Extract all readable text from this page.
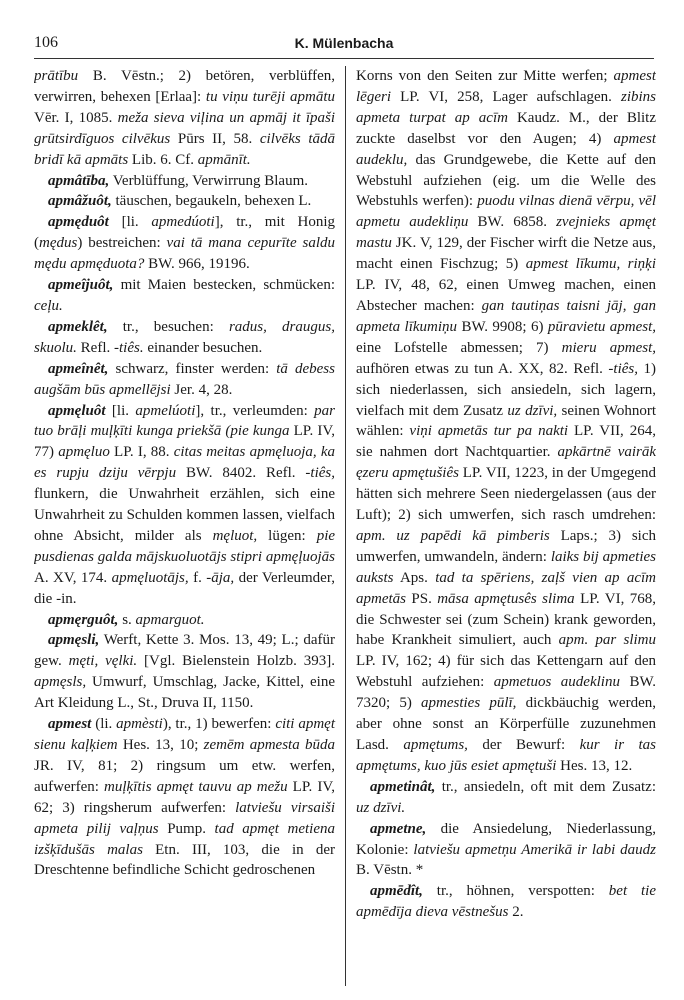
106	K. Mülenbacha

prātību B. Vēstn.; 2) betören, verblüffen, verwirren, behexen [Erlaa]: tu viņu turēji apmātu Vēr. I, 1085. meža sieva viļina un apmāj it īpaši grūtsirdīguos cilvēkus Pūrs II, 58. cilvēks tādā bridī kā apmāts Lib. 6. Cf. apmānīt.

apmâtība, Verblüffung, Verwirrung Blaum.

apmâžuôt, täuschen, begaukeln, behexen L.

apmęduôt [li. apmedúoti], tr., mit Honig (mędus) bestreichen: vai tā mana cepurīte saldu mędu apmęduota? BW. 966, 19196.

apmeîjuôt, mit Maien bestecken, schmücken: ceļu.

apmeklêt, tr., besuchen: radus, draugus, skuolu. Refl. -tiês. einander besuchen.

apmeînêt, schwarz, finster werden: tā debess augšām būs apmellējsi Jer. 4, 28.

apmęluôt [li. apmelúoti], tr., verleumden: par tuo brāļi muļķīti kunga priekšā (pie kunga LP. IV, 77) apmęluo LP. I, 88. citas meitas apmęluoja, ka es rupju dziju vērpju BW. 8402. Refl. -tiês, flunkern, die Unwahrheit erzählen, sich eine Unwahrheit zu Schulden kommen lassen, vielfach ohne Absicht, milder als męluot, lügen: pie pusdienas galda mājskuoluotājs stipri apmęļuojās A. XV, 174. apmęluotājs, f. -āja, der Verleumder, die -in.

apmęrguôt, s. apmarguot.

apmęsli, Werft, Kette 3. Mos. 13, 49; L.; dafür gew. męti, vęlki. [Vgl. Bielenstein Holzb. 393]. apmęsls, Umwurf, Umschlag, Jacke, Kittel, eine Art Kleidung L., St., Druva II, 1150.

apmest (li. apmèsti), tr., 1) bewerfen: citi apmęt sienu kaļķiem Hes. 13, 10; zemēm apmesta būda JR. IV, 81; 2) ringsum um etw. werfen, aufwerfen: muļķītis apmęt tauvu ap mežu LP. IV, 62; 3) ringsherum aufwerfen: latviešu virsaiši apmeta pilij vaļņus Pump. tad apmęt metiena izšķīdušās malas Etn. III, 103, die in der Dreschtenne befindliche Schicht gedroschenen

Korns von den Seiten zur Mitte werfen; apmest lēgeri LP. VI, 258, Lager aufschlagen. zibins apmeta turpat ap acīm Kaudz. M., der Blitz zuckte daselbst vor den Augen; 4) apmest audeklu, das Grundgewebe, die Kette auf den Webstuhl aufziehen (eig. um die Welle des Webstuhls werfen): puodu vilnas dienā vērpu, vēl apmetu audekliņu BW. 6858. zvejnieks apmęt mastu JK. V, 129, der Fischer wirft die Netze aus, macht einen Fischzug; 5) apmest līkumu, riņķi LP. IV, 48, 62, einen Umweg machen, einen Abstecher machen: gan tautiņas taisni jāj, gan apmeta līkumiņu BW. 9908; 6) pūravietu apmest, eine Lofstelle abmessen; 7) mieru apmest, aufhören etwas zu tun A. XX, 82. Refl. -tiês, 1) sich niederlassen, sich ansiedeln, sich lagern, vielfach mit dem Zusatz uz dzīvi, seinen Wohnort wählen: viņi apmetās tur pa nakti LP. VII, 264, sie nahmen dort Nachtquartier. apkārtnē vairāk ęzeru apmętušiês LP. VII, 1223, in der Umgegend hätten sich mehrere Seen niedergelassen (aus der Luft); 2) sich umwerfen, sich rasch umdrehen: apm. uz papēdi kā pimberis Laps.; 3) sich umwerfen, umwandeln, ändern: laiks bij apmeties auksts Aps. tad ta spēriens, zaļš vien ap acīm apmetās PS. māsa apmętusês slima LP. VI, 768, die Schwester sei (zum Schein) krank geworden, habe Krankheit simuliert, auch apm. par slimu LP. IV, 162; 4) für sich das Kettengarn auf den Webstuhl aufziehen: apmetuos audeklinu BW. 7320; 5) apmesties pūlī, dickbäuchig werden, aber ohne sonst an Körperfülle zuzunehmen Lasd. apmętums, der Bewurf: kur ir tas apmętums, kuo jūs esiet apmętuši Hes. 13, 12.

apmetinât, tr., ansiedeln, oft mit dem Zusatz: uz dzīvi.

apmetne, die Ansiedelung, Niederlassung, Kolonie: latviešu apmetņu Amerikā ir labi daudz B. Vēstn. *

apmēdît, tr., höhnen, verspotten: bet tie apmēdīja dieva vēstnešus 2.
